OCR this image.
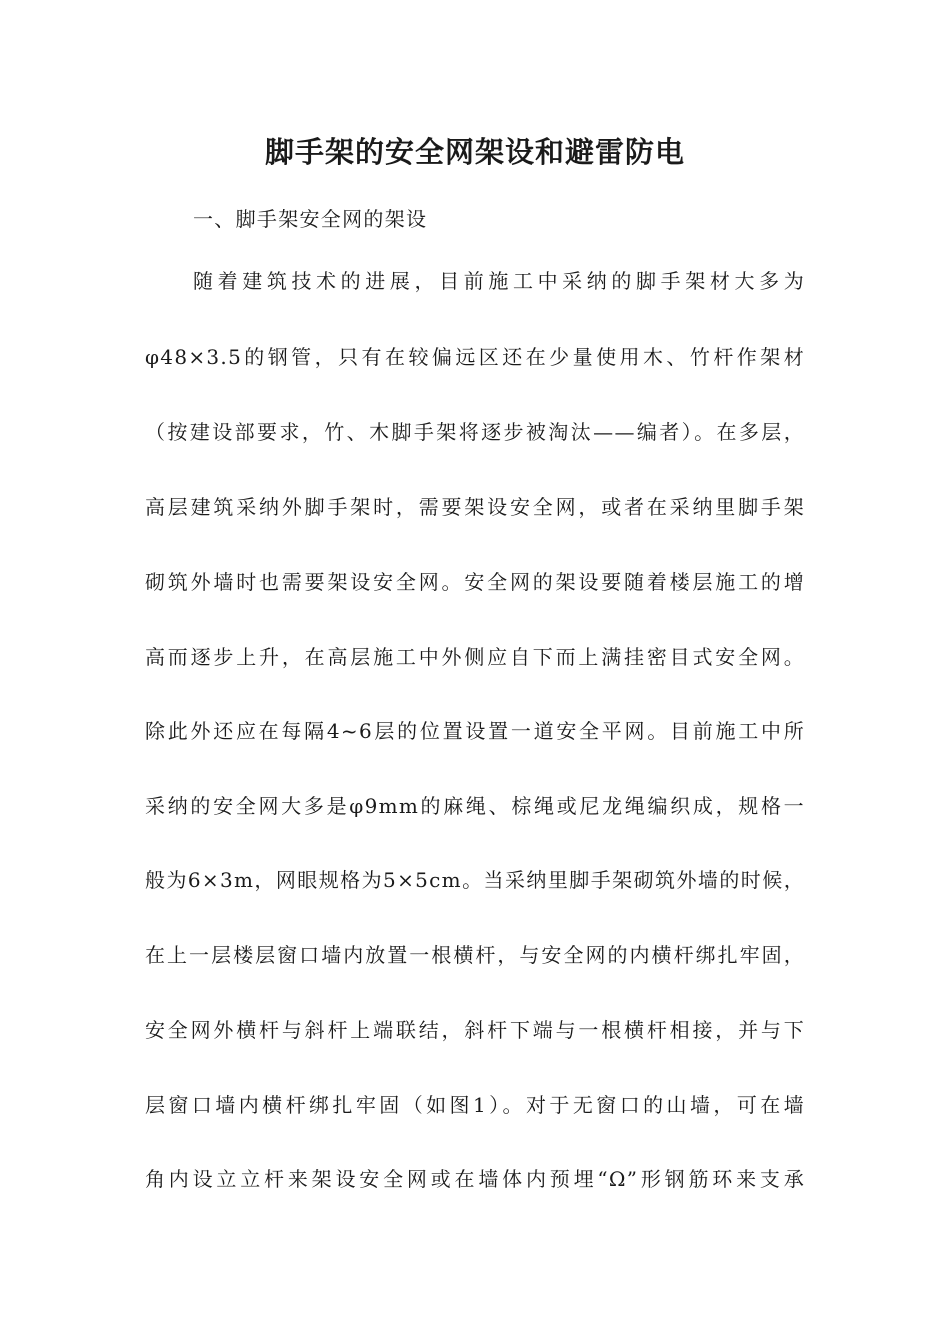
脚手架的安全网架设和避雷防电
一、脚手架安全网的架设
随着建筑技术的进展，目前施工中采纳的脚手架材大多为
φ48×3.5的钢管，只有在较偏远区还在少量使用木、竹杆作架材
（按建设部要求，竹、木脚手架将逐步被淘汰——编者）。在多层，
高层建筑采纳外脚手架时，需要架设安全网，或者在采纳里脚手架
砌筑外墙时也需要架设安全网。安全网的架设要随着楼层施工的增
高而逐步上升，在高层施工中外侧应自下而上满挂密目式安全网。
除此外还应在每隔4~6层的位置设置一道安全平网。目前施工中所
采纳的安全网大多是φ9mm的麻绳、棕绳或尼龙绳编织成，规格一
般为6×3m，网眼规格为5×5cm。当采纳里脚手架砌筑外墙的时候，
在上一层楼层窗口墙内放置一根横杆，与安全网的内横杆绑扎牢固，
安全网外横杆与斜杆上端联结，斜杆下端与一根横杆相接，并与下
层窗口墙内横杆绑扎牢固（如图1）。对于无窗口的山墙，可在墙
角内设立立杆来架设安全网或在墙体内预埋“Ω”形钢筋环来支承
